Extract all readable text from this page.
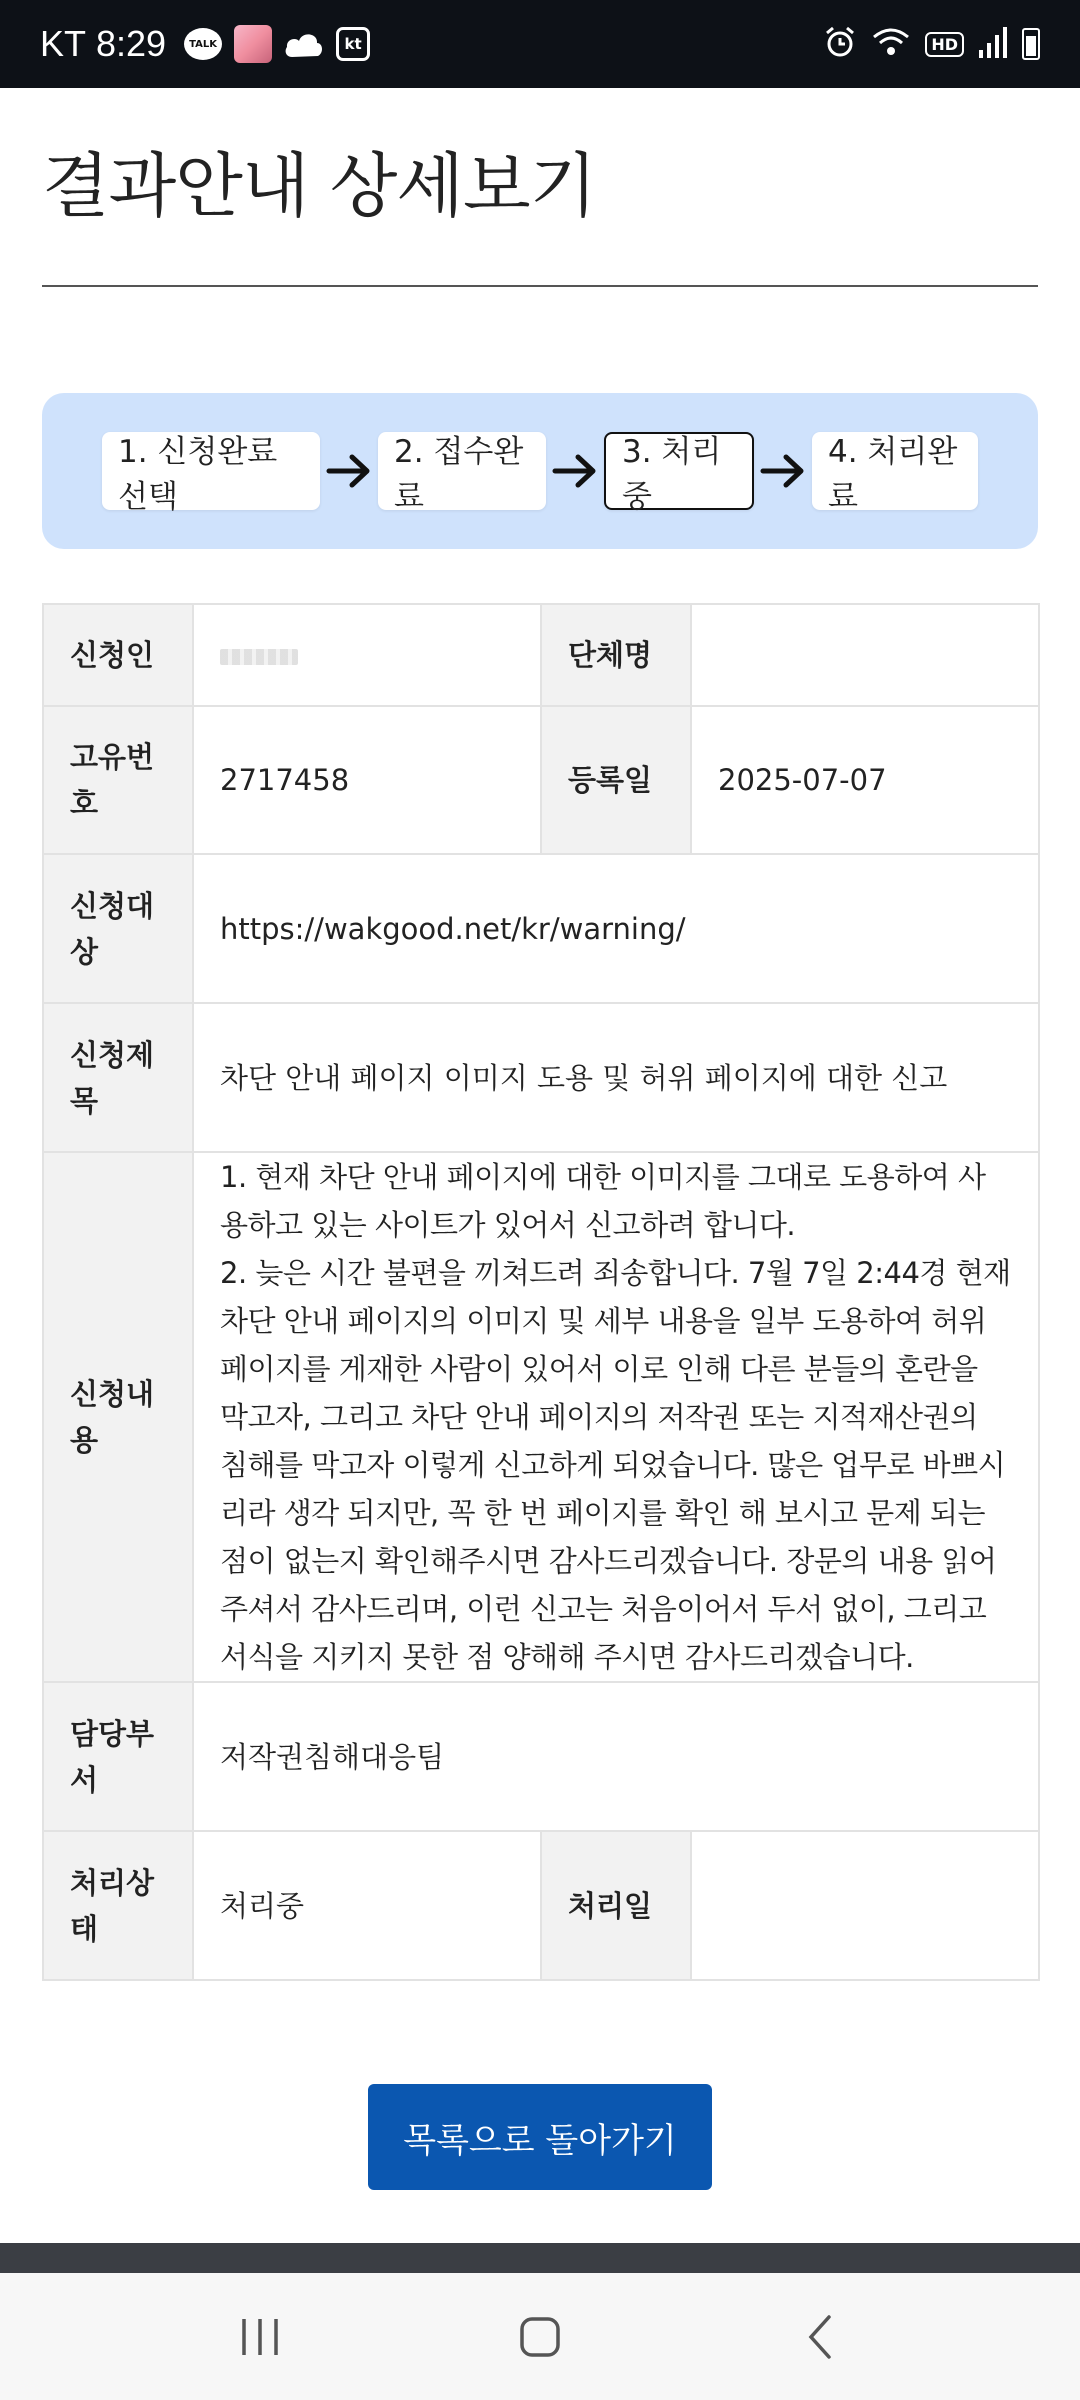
KT 8:29	TALK	kt	HD
결과안내 상세보기
1. 신청완료 선택
2. 접수완료
3. 처리 중
4. 처리완료
신청인		단체명	
고유번호	2717458	등록일	2025-07-07
신청대상	https://wakgood.net/kr/warning/		
신청제목	차단 안내 페이지 이미지 도용 및 허위 페이지에 대한 신고		
신청내용	1. 현재 차단 안내 페이지에 대한 이미지를 그대로 도용하여 사용하고 있는 사이트가 있어서 신고하려 합니다.
2. 늦은 시간 불편을 끼쳐드려 죄송합니다. 7월 7일 2:44경 현재 차단 안내 페이지의 이미지 및 세부 내용을 일부 도용하여 허위 페이지를 게재한 사람이 있어서 이로 인해 다른 분들의 혼란을 막고자, 그리고 차단 안내 페이지의 저작권 또는 지적재산권의 침해를 막고자 이렇게 신고하게 되었습니다. 많은 업무로 바쁘시리라 생각 되지만, 꼭 한 번 페이지를 확인 해 보시고 문제 되는 점이 없는지 확인해주시면 감사드리겠습니다. 장문의 내용 읽어주셔서 감사드리며, 이런 신고는 처음이어서 두서 없이, 그리고 서식을 지키지 못한 점 양해해 주시면 감사드리겠습니다.		

담당부서	저작권침해대응팀		
처리상태	처리중	처리일	
목록으로 돌아가기
